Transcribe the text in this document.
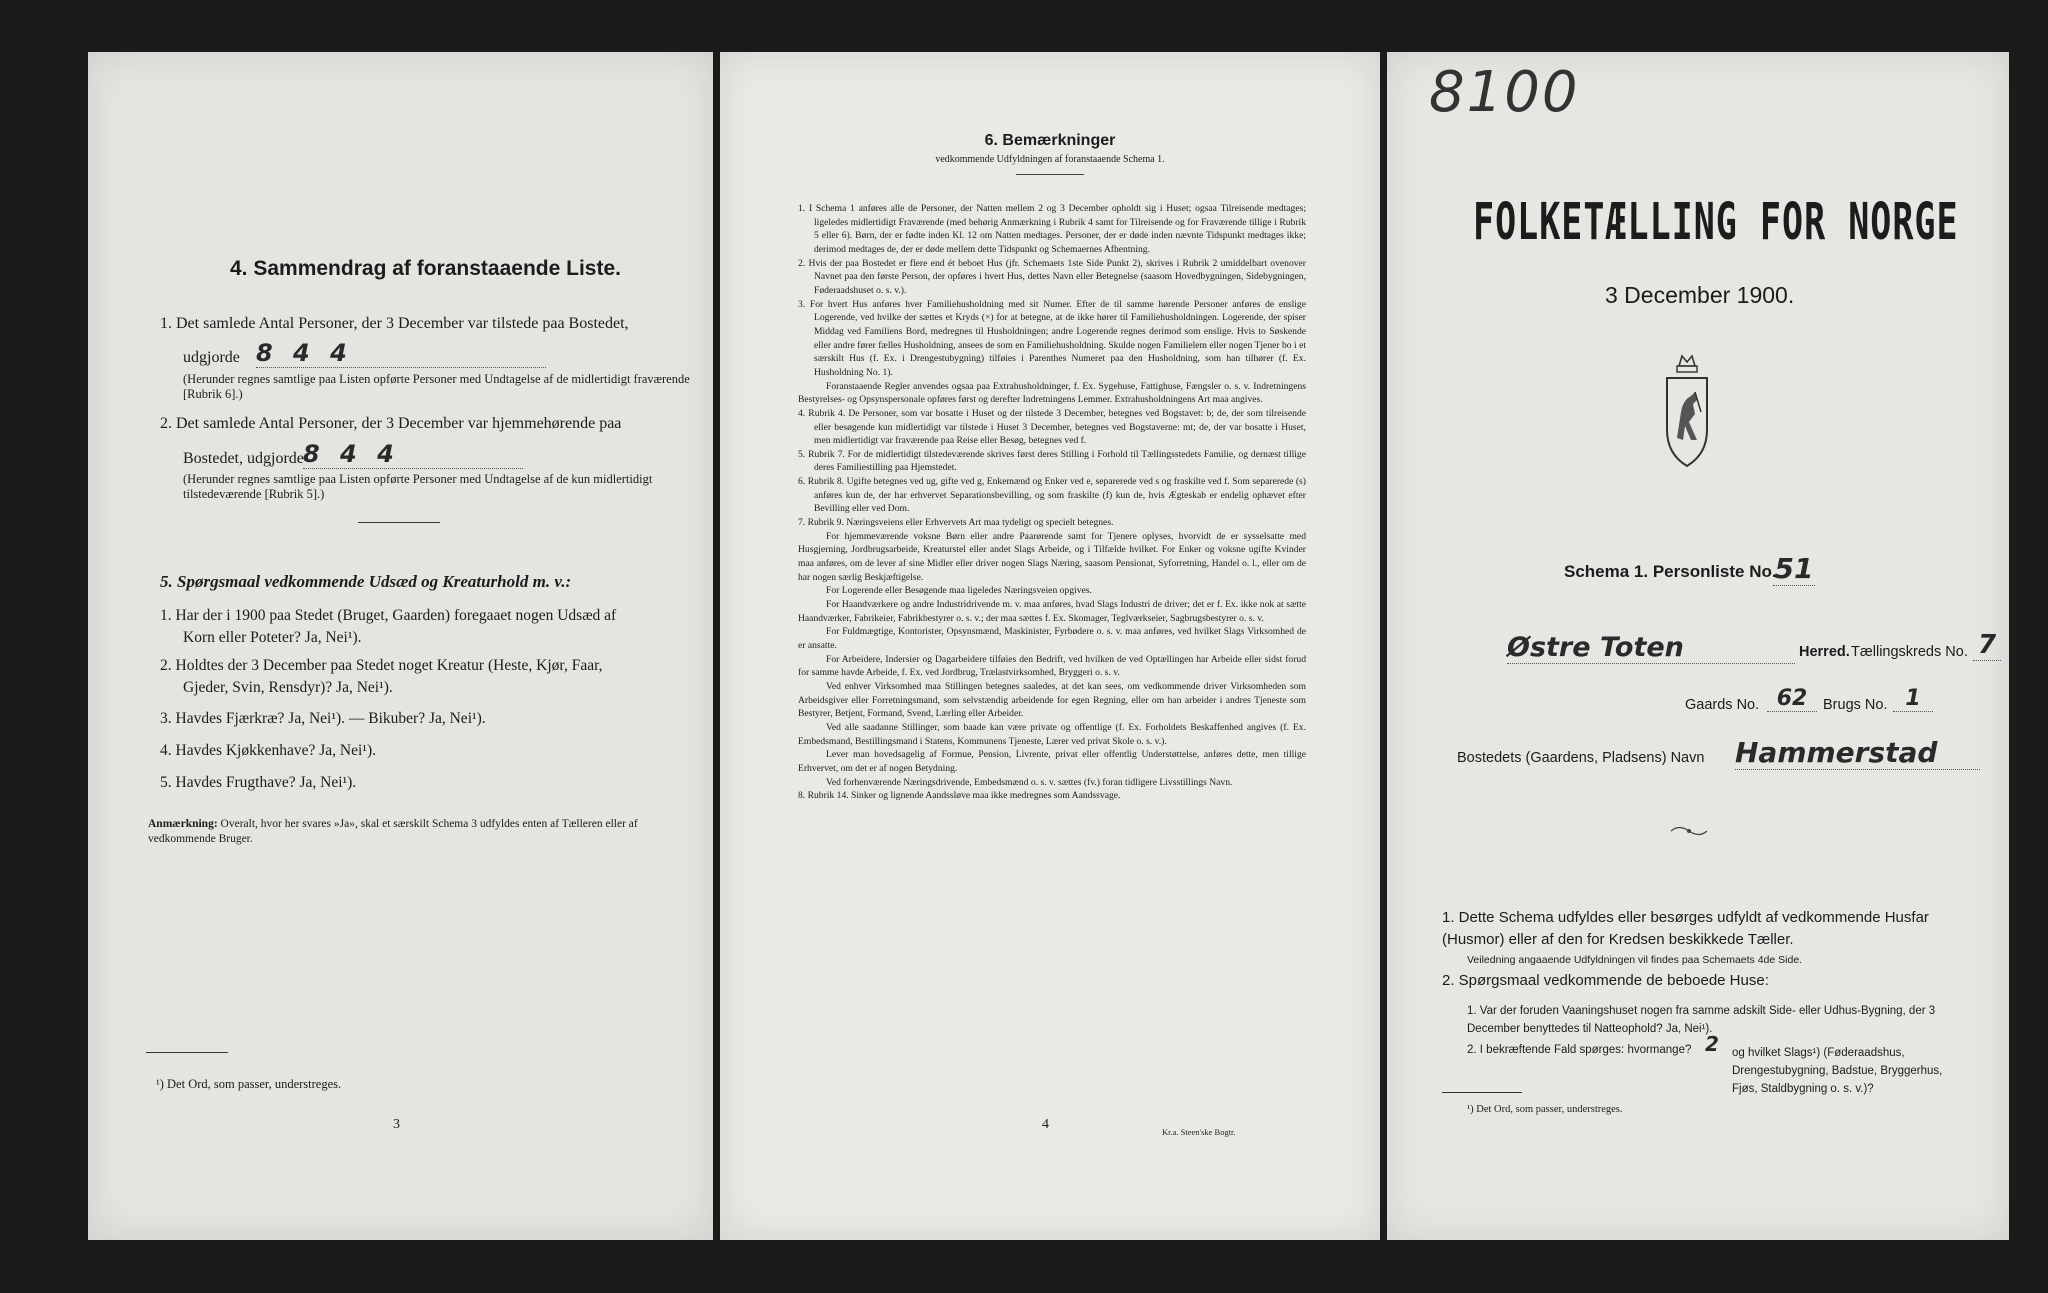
4. Sammendrag af foranstaaende Liste.
1. Det samlede Antal Personer, der 3 December var tilstede paa Bostedet,
udgjorde 8 4 4
(Herunder regnes samtlige paa Listen opførte Personer med Undtagelse af de midlertidigt fraværende [Rubrik 6].)
2. Det samlede Antal Personer, der 3 December var hjemmehørende paa
Bostedet, udgjorde 8 4 4
(Herunder regnes samtlige paa Listen opførte Personer med Undtagelse af de kun midlertidigt tilstedeværende [Rubrik 5].)
5. Spørgsmaal vedkommende Udsæd og Kreaturhold m. v.:
1. Har der i 1900 paa Stedet (Bruget, Gaarden) foregaaet nogen Udsæd af
Korn eller Poteter? Ja, Nei¹).
2. Holdtes der 3 December paa Stedet noget Kreatur (Heste, Kjør, Faar,
Gjeder, Svin, Rensdyr)? Ja, Nei¹).
3. Havdes Fjærkræ? Ja, Nei¹). — Bikuber? Ja, Nei¹).
4. Havdes Kjøkkenhave? Ja, Nei¹).
5. Havdes Frugthave? Ja, Nei¹).
Anmærkning: Overalt, hvor her svares »Ja», skal et særskilt Schema 3 udfyldes enten af Tælleren eller af vedkommende Bruger.
¹) Det Ord, som passer, understreges.
3
6. Bemærkninger
vedkommende Udfyldningen af foranstaaende Schema 1.

1. I Schema 1 anføres alle de Personer, der Natten mellem 2 og 3 December opholdt sig i Huset; ogsaa Tilreisende medtages; ligeledes midlertidigt Fraværende (med behørig Anmærkning i Rubrik 4 samt for Tilreisende og for Fraværende tillige i Rubrik 5 eller 6). Børn, der er fødte inden Kl. 12 om Natten medtages. Personer, der er døde inden nævnte Tidspunkt medtages ikke; derimod medtages de, der er døde mellem dette Tidspunkt og Schemaernes Afhentning.

2. Hvis der paa Bostedet er flere end ét beboet Hus (jfr. Schemaets 1ste Side Punkt 2), skrives i Rubrik 2 umiddelbart ovenover Navnet paa den første Person, der opføres i hvert Hus, dettes Navn eller Betegnelse (saasom Hovedbygningen, Sidebygningen, Føderaadshuset o. s. v.).

3. For hvert Hus anføres hver Familiehusholdning med sit Numer. Efter de til samme hørende Personer anføres de enslige Logerende, ved hvilke der sættes et Kryds (×) for at betegne, at de ikke hører til Familiehusholdningen. Logerende, der spiser Middag ved Familiens Bord, medregnes til Husholdningen; andre Logerende regnes derimod som enslige. Hvis to Søskende eller andre fører fælles Husholdning, ansees de som en Familiehusholdning. Skulde nogen Familielem eller nogen Tjener bo i et særskilt Hus (f. Ex. i Drengestubygning) tilføies i Parenthes Numeret paa den Husholdning, som han tilhører (f. Ex. Husholdning No. 1).

Foranstaaende Regler anvendes ogsaa paa Extrahusholdninger, f. Ex. Sygehuse, Fattighuse, Fængsler o. s. v. Indretningens Bestyrelses- og Opsynspersonale opføres først og derefter Indretningens Lemmer. Extrahusholdningens Art maa angives.

4. Rubrik 4. De Personer, som var bosatte i Huset og der tilstede 3 December, betegnes ved Bogstavet: b; de, der som tilreisende eller besøgende kun midlertidigt var tilstede i Huset 3 December, betegnes ved Bogstaverne: mt; de, der var bosatte i Huset, men midlertidigt var fraværende paa Reise eller Besøg, betegnes ved f.

5. Rubrik 7. For de midlertidigt tilstedeværende skrives først deres Stilling i Forhold til Tællingsstedets Familie, og dernæst tillige deres Familiestilling paa Hjemstedet.

6. Rubrik 8. Ugifte betegnes ved ug, gifte ved g, Enkemænd og Enker ved e, separerede ved s og fraskilte ved f. Som separerede (s) anføres kun de, der har erhvervet Separationsbevilling, og som fraskilte (f) kun de, hvis Ægteskab er endelig ophævet efter Bevilling eller ved Dom.

7. Rubrik 9. Næringsveiens eller Erhvervets Art maa tydeligt og specielt betegnes.

For hjemmeværende voksne Børn eller andre Paarørende samt for Tjenere oplyses, hvorvidt de er sysselsatte med Husgjerning, Jordbrugsarbeide, Kreaturstel eller andet Slags Arbeide, og i Tilfælde hvilket. For Enker og voksne ugifte Kvinder maa anføres, om de lever af sine Midler eller driver nogen Slags Næring, saasom Pensionat, Syforretning, Handel o. l., eller om de har nogen særlig Beskjæftigelse.

For Logerende eller Besøgende maa ligeledes Næringsveien opgives.

For Haandværkere og andre Industridrivende m. v. maa anføres, hvad Slags Industri de driver; det er f. Ex. ikke nok at sætte Haandværker, Fabrikeier, Fabrikbestyrer o. s. v.; der maa sættes f. Ex. Skomager, Teglværkseier, Sagbrugsbestyrer o. s. v.

For Fuldmægtige, Kontorister, Opsynsmænd, Maskinister, Fyrbødere o. s. v. maa anføres, ved hvilket Slags Virksomhed de er ansatte.

For Arbeidere, Indersier og Dagarbeidere tilføies den Bedrift, ved hvilken de ved Optællingen har Arbeide eller sidst forud for samme havde Arbeide, f. Ex. ved Jordbrug, Trælastvirksomhed, Bryggeri o. s. v.

Ved enhver Virksomhed maa Stillingen betegnes saaledes, at det kan sees, om vedkommende driver Virksomheden som Arbeidsgiver eller Forretningsmand, som selvstændig arbeidende for egen Regning, eller om han arbeider i andres Tjeneste som Bestyrer, Betjent, Formand, Svend, Lærling eller Arbeider.

Ved alle saadanne Stillinger, som baade kan være private og offentlige (f. Ex. Forholdets Beskaffenhed angives (f. Ex. Embedsmand, Bestillingsmand i Statens, Kommunens Tjeneste, Lærer ved privat Skole o. s. v.).

Lever man hovedsagelig af Formue, Pension, Livrente, privat eller offentlig Understøttelse, anføres dette, men tillige Erhvervet, om det er af nogen Betydning.

Ved forhenværende Næringsdrivende, Embedsmænd o. s. v. sættes (fv.) foran tidligere Livsstillings Navn.

8. Rubrik 14. Sinker og lignende Aandssløve maa ikke medregnes som Aandssvage.

4	Kr.a. Steen'ske Bogtr.
8100
FOLKETÆLLING FOR NORGE
3 December 1900.
Schema 1. Personliste No.
51
Østre Toten	Herred. Tællingskreds No. 7
Gaards No. 62	Brugs No. 1
Bostedets (Gaardens, Pladsens) Navn Hammerstad
1. Dette Schema udfyldes eller besørges udfyldt af vedkommende Husfar (Husmor) eller af den for Kredsen beskikkede Tæller.
Veiledning angaaende Udfyldningen vil findes paa Schemaets 4de Side.
2. Spørgsmaal vedkommende de beboede Huse:
1. Var der foruden Vaaningshuset nogen fra samme adskilt Side- eller Udhus-Bygning, der 3 December benyttedes til Natteophold? Ja, Nei¹).
2. I bekræftende Fald spørges: hvormange? 2 og hvilket Slags¹) (Føderaadshus, Drengestubygning, Badstue, Bryggerhus, Fjøs, Staldbygning o. s. v.)?
¹) Det Ord, som passer, understreges.
